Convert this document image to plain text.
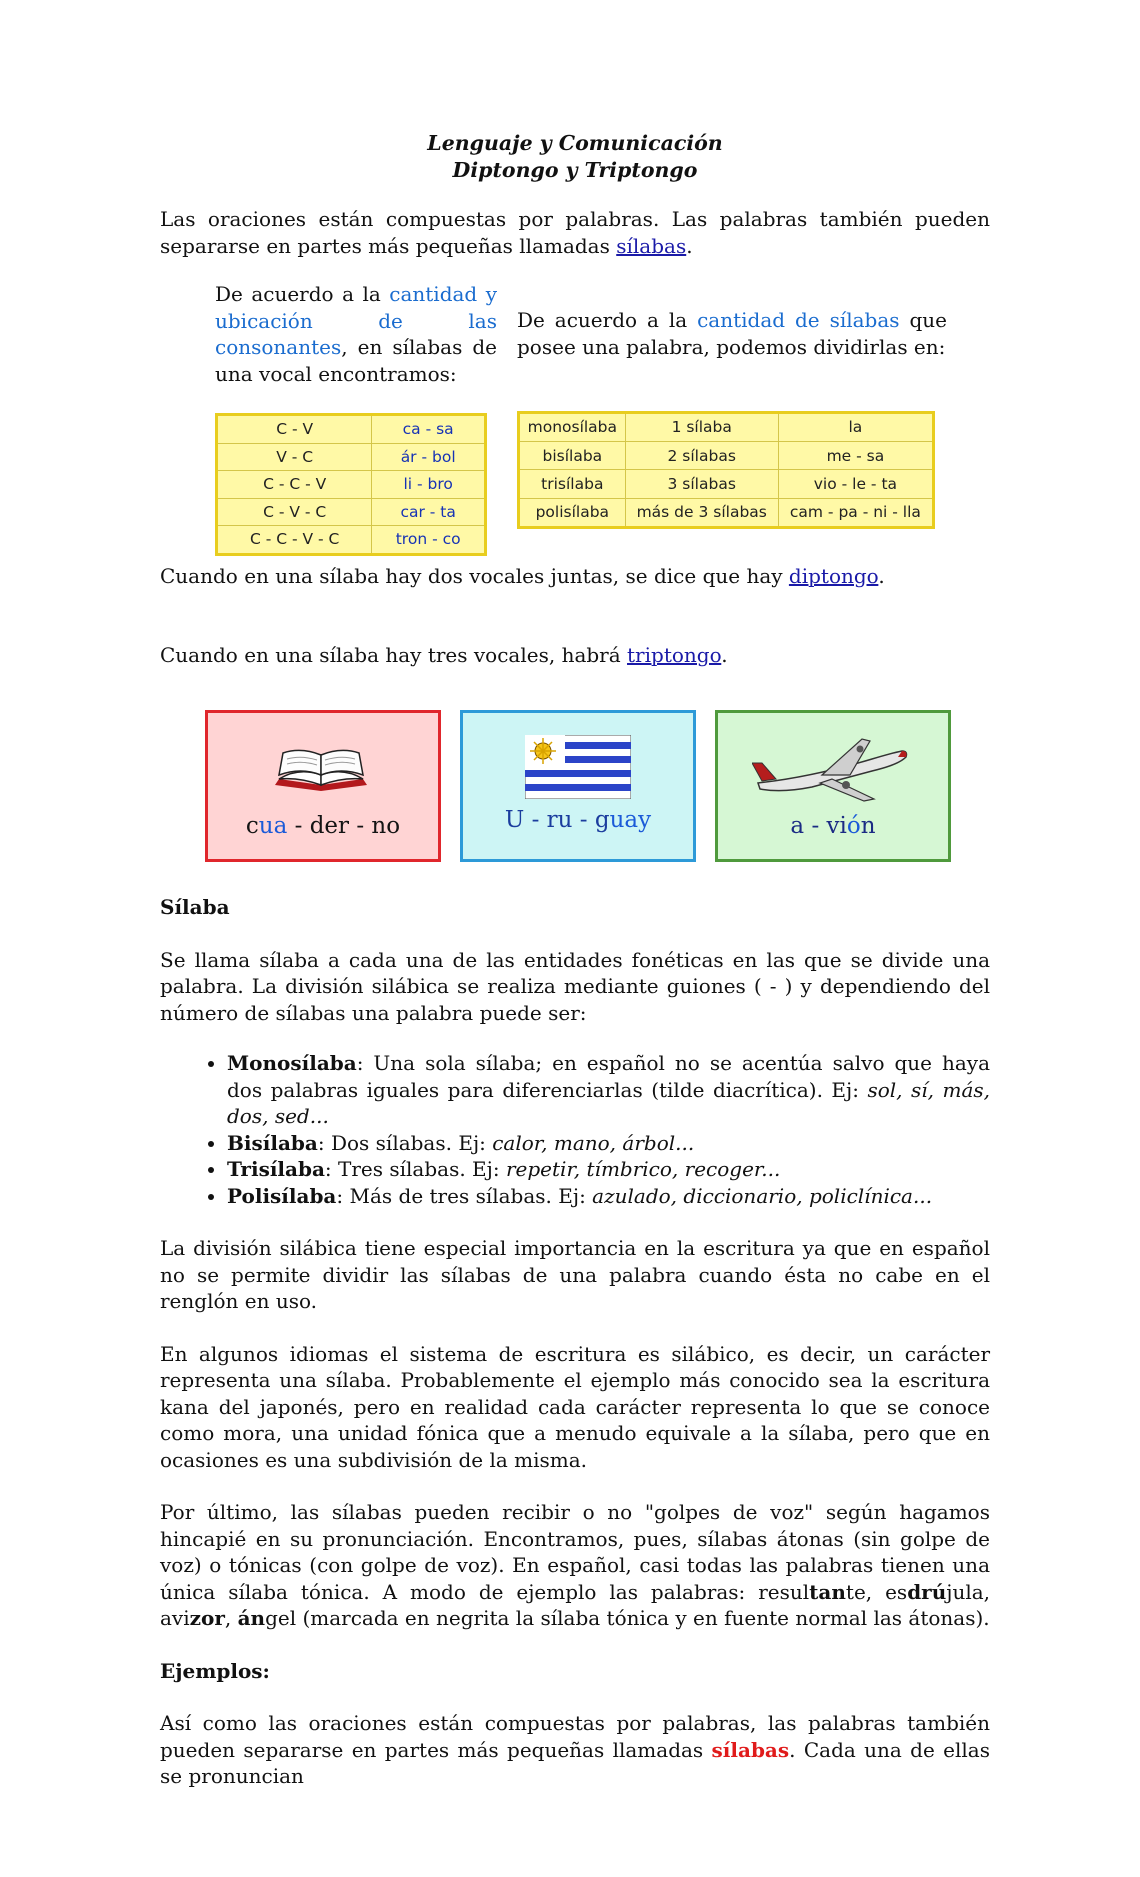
Lenguaje y Comunicación

Diptongo y Triptongo

Las oraciones están compuestas por palabras. Las palabras también pueden separarse en partes más pequeñas llamadas sílabas.

De acuerdo a la cantidad y ubicación de las consonantes, en sílabas de una vocal encontramos:
De acuerdo a la cantidad de sílabas que posee una palabra, podemos dividirlas en:
C - V	ca - sa
V - C	ár - bol
C - C - V	li - bro
C - V - C	car - ta
C - C - V - C	tron - co
monosílaba	1 sílaba	la
bisílaba	2 sílabas	me - sa
trisílaba	3 sílabas	vio - le - ta
polisílaba	más de 3 sílabas	cam - pa - ni - lla

Cuando en una sílaba hay dos vocales juntas, se dice que hay diptongo.

Cuando en una sílaba hay tres vocales, habrá triptongo.

cua - der - no	U - ru - guay	a - vión

Sílaba

Se llama sílaba a cada una de las entidades fonéticas en las que se divide una palabra. La división silábica se realiza mediante guiones ( - ) y dependiendo del número de sílabas una palabra puede ser:

• Monosílaba: Una sola sílaba; en español no se acentúa salvo que haya dos palabras iguales para diferenciarlas (tilde diacrítica). Ej: sol, sí, más, dos, sed...
• Bisílaba: Dos sílabas. Ej: calor, mano, árbol...
• Trisílaba: Tres sílabas. Ej: repetir, tímbrico, recoger...
• Polisílaba: Más de tres sílabas. Ej: azulado, diccionario, policlínica...

La división silábica tiene especial importancia en la escritura ya que en español no se permite dividir las sílabas de una palabra cuando ésta no cabe en el renglón en uso.

En algunos idiomas el sistema de escritura es silábico, es decir, un carácter representa una sílaba. Probablemente el ejemplo más conocido sea la escritura kana del japonés, pero en realidad cada carácter representa lo que se conoce como mora, una unidad fónica que a menudo equivale a la sílaba, pero que en ocasiones es una subdivisión de la misma.

Por último, las sílabas pueden recibir o no "golpes de voz" según hagamos hincapié en su pronunciación. Encontramos, pues, sílabas átonas (sin golpe de voz) o tónicas (con golpe de voz). En español, casi todas las palabras tienen una única sílaba tónica. A modo de ejemplo las palabras: resultante, esdrújula, avizor, ángel (marcada en negrita la sílaba tónica y en fuente normal las átonas).

Ejemplos:

Así como las oraciones están compuestas por palabras, las palabras también pueden separarse en partes más pequeñas llamadas sílabas. Cada una de ellas se pronuncian
